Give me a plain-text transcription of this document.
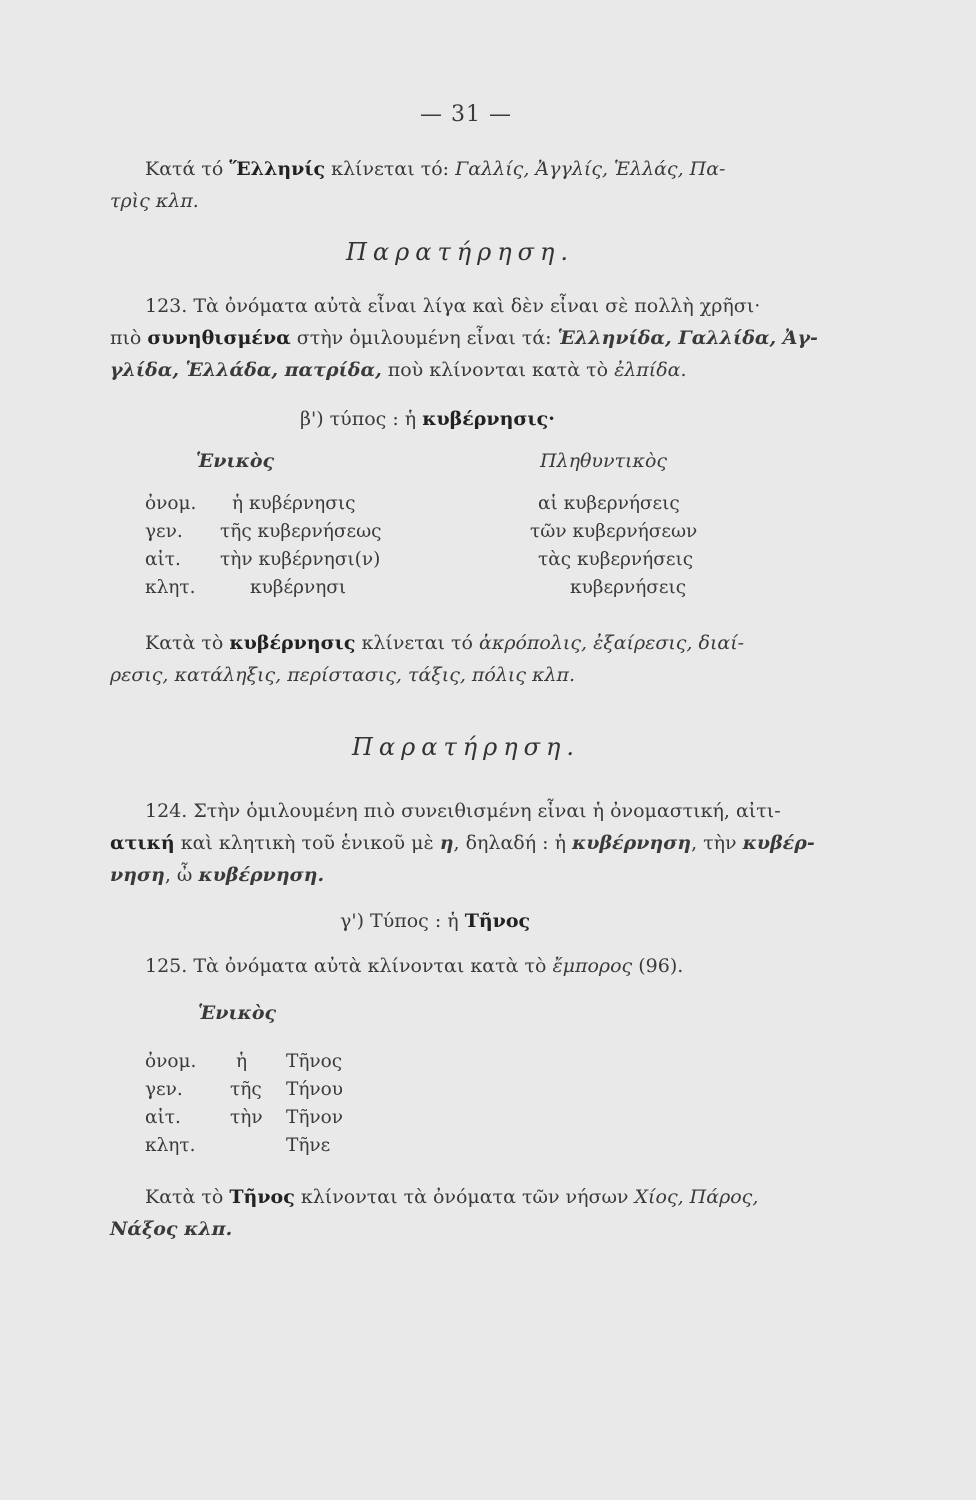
— 31 —
Κατά τό Ἕλληνίς κλίνεται τό: Γαλλίς, Ἀγγλίς, Ἑλλάς, Πα-
τρὶς κλπ.
Παρατήρηση.
123. Τὰ ὀνόματα αὐτὰ εἶναι λίγα καὶ δὲν εἶναι σὲ πολλὴ χρῆσι·
πιὸ συνηθισμένα στὴν ὁμιλουμένη εἶναι τά: Ἑλληνίδα, Γαλλίδα, Ἀγ-
γλίδα, Ἑλλάδα, πατρίδα, ποὺ κλίνονται κατὰ τὸ ἐλπίδα.
β') τύπος : ἡ κυβέρνησις·
Ἑνικὸς	Πληθυντικὸς
ὀνομ.
γεν.
αἰτ.
κλητ.
ἡ κυβέρνησις
τῆς κυβερνήσεως
τὴν κυβέρνησι(ν)
κυβέρνησι
αἱ κυβερνήσεις
τῶν κυβερνήσεων
τὰς κυβερνήσεις
κυβερνήσεις
Κατὰ τὸ κυβέρνησις κλίνεται τό ἀκρόπολις, ἐξαίρεσις, διαί-
ρεσις, κατάληξις, περίστασις, τάξις, πόλις κλπ.
Παρατήρηση.
124. Στὴν ὁμιλουμένη πιὸ συνειθισμένη εἶναι ἡ ὀνομαστική, αἰτι-
ατική καὶ κλητικὴ τοῦ ἑνικοῦ μὲ η, δηλαδή : ἡ κυβέρνηση, τὴν κυβέρ-
νηση, ὦ κυβέρνηση.
γ') Τύπος : ἡ Τῆνος
125. Τὰ ὀνόματα αὐτὰ κλίνονται κατὰ τὸ ἔμπορος (96).
Ἑνικὸς
ὀνομ.
γεν.
αἰτ.
κλητ.
ἡ
τῆς
τὴν
Τῆνος
Τήνου
Τῆνον
Τῆνε
Κατὰ τὸ Τῆνος κλίνονται τὰ ὀνόματα τῶν νήσων Χίος, Πάρος,
Νάξος κλπ.
